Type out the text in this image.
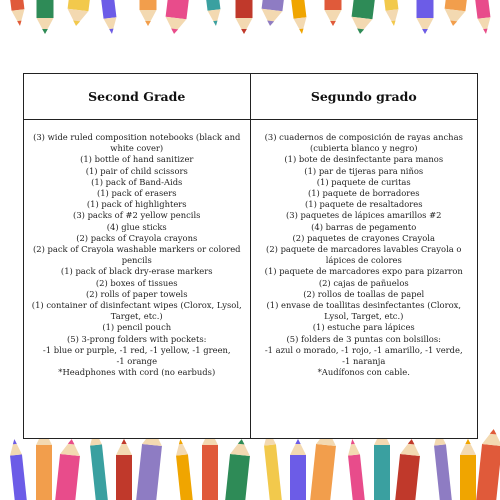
Second Grade
(3) wide ruled composition notebooks (black and white cover)
(1) bottle of hand sanitizer
(1) pair of child scissors
(1) pack of Band-Aids
(1) pack of erasers
(1) pack of highlighters
(3) packs of #2 yellow pencils
(4) glue sticks
(2) packs of Crayola crayons
(2) pack of Crayola washable markers or colored pencils
(1) pack of black dry-erase markers
(2) boxes of tissues
(2) rolls of paper towels
(1) container of disinfectant wipes (Clorox, Lysol, Target, etc.)
(1) pencil pouch
(5) 3-prong folders with pockets:
-1 blue or purple, -1 red, -1 yellow, -1 green,
-1 orange
*Headphones with cord (no earbuds)
Segundo grado
(3) cuadernos de composición de rayas anchas (cubierta blanco y negro)
(1) bote de desinfectante para manos
(1) par de tijeras para niños
(1) paquete de curitas
(1) paquete de borradores
(1) paquete de resaltadores
(3) paquetes de lápices amarillos #2
(4) barras de pegamento
(2) paquetes de crayones Crayola
(2) paquete de marcadores lavables Crayola o lápices de colores
(1) paquete de marcadores expo para pizarron
(2) cajas de pañuelos
(2) rollos de toallas de papel
(1) envase de toallitas desinfectantes (Clorox, Lysol, Target, etc.)
(1) estuche para lápices
(5) folders de 3 puntas con bolsillos:
-1 azul o morado, -1 rojo, -1 amarillo, -1 verde,
-1 naranja
*Audífonos con cable.
